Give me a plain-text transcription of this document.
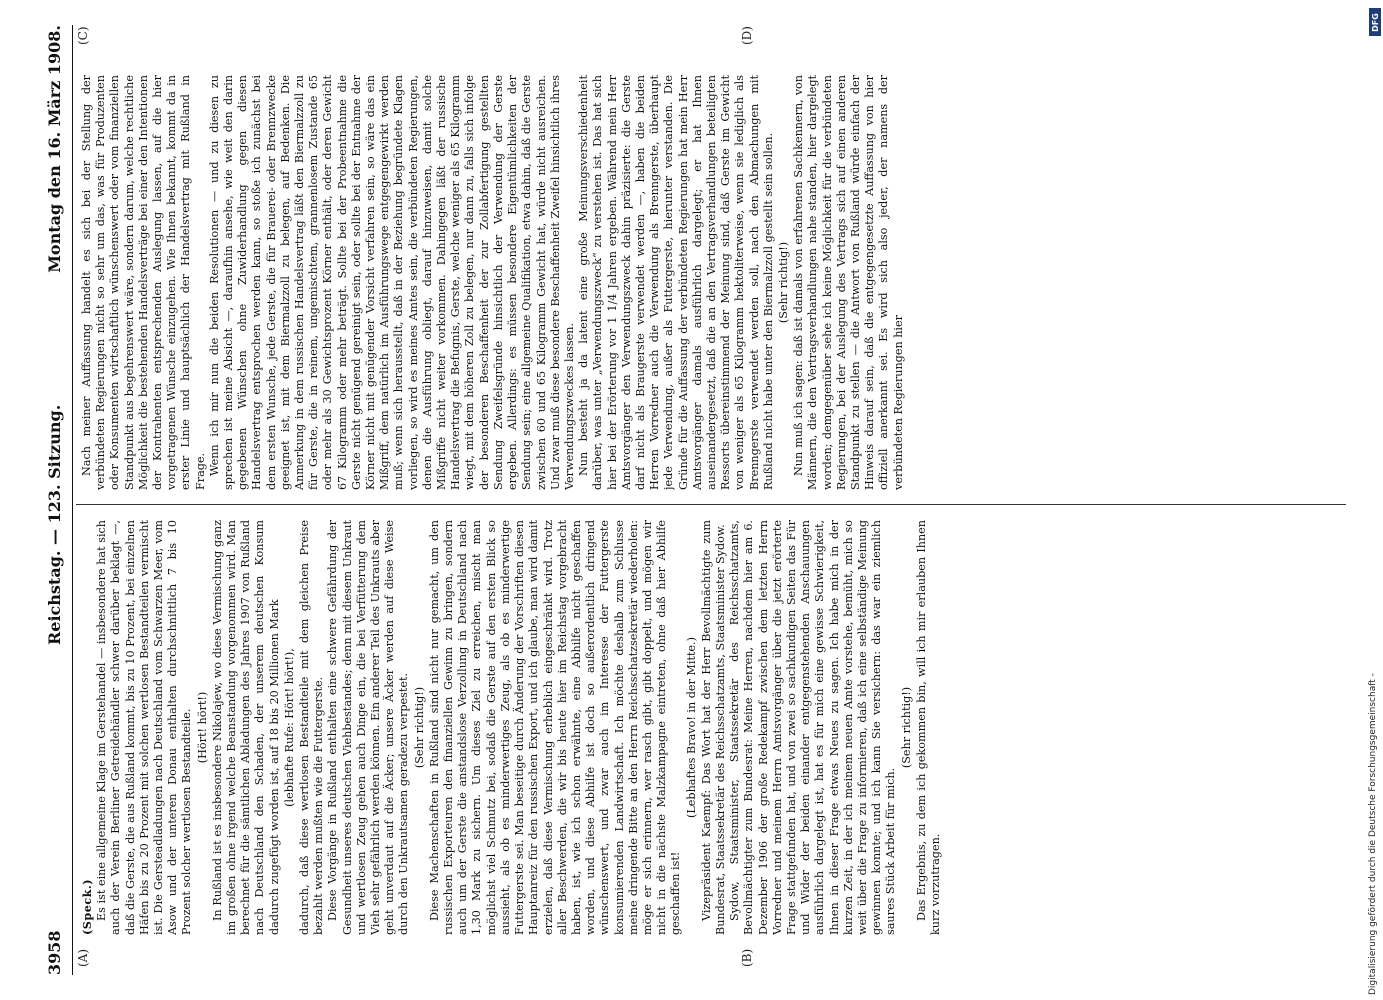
3958
Reichstag. — 123. Sitzung.
Montag den 16. März 1908.
(A)	(B)
(C)	(D)

(Speck.) Es ist eine allgemeine Klage im Gerstehandel — insbesondere hat sich auch der Verein Berliner Getreidehändler schwer darüber beklagt —, daß die Gerste, die aus Rußland kommt, bis zu 10 Prozent, bei einzelnen Häfen bis zu 20 Prozent mit solchen wertlosen Bestandteilen vermischt ist. Die Gersteadladungen nach Deutschland vom Schwarzen Meer, vom Asow und der unteren Donau enthalten durchschnittlich 7 bis 10 Prozent solcher wertlosen Bestandteile. (Hört! hört!) In Rußland ist es insbesondere Nikolajew, wo diese Vermischung ganz im großen ohne irgend welche Beanstandung vorgenommen wird. Man berechnet für die sämtlichen Abladungen des Jahres 1907 von Rußland nach Deutschland den Schaden, der unserem deutschen Konsum dadurch zugefügt worden ist, auf 18 bis 20 Millionen Mark (lebhafte Rufe: Hört! hört!), dadurch, daß diese wertlosen Bestandteile mit dem gleichen Preise bezahlt werden mußten wie die Futtergerste. Diese Vorgänge in Rußland enthalten eine schwere Gefährdung der Gesundheit unseres deutschen Viehbestandes; denn mit diesem Unkraut und wertlosen Zeug gehen auch Dinge ein, die bei Verfütterung dem Vieh sehr gefährlich werden können. Ein anderer Teil des Unkrauts aber geht unverdaut auf die Äcker; unsere Äcker werden auf diese Weise durch den Unkrautsamen geradezu verpestet. (Sehr richtig!) Diese Machenschaften in Rußland sind nicht nur gemacht, um den russischen Exporteuren den finanziellen Gewinn zu bringen, sondern auch um der Gerste die anstandslose Verzollung in Deutschland nach 1,30 Mark zu sichern. Um dieses Ziel zu erreichen, mischt man möglichst viel Schmutz bei, sodaß die Gerste auf den ersten Blick so aussieht, als ob es minderwertiges Zeug, als ob es minderwertige Futtergerste sei. Man beseitige durch Änderung der Vorschriften diesen Hauptanreiz für den russischen Export, und ich glaube, man wird damit erzielen, daß diese Vermischung erheblich eingeschränkt wird. Trotz aller Beschwerden, die wir bis heute hier im Reichstag vorgebracht haben, ist, wie ich schon erwähnte, eine Abhilfe nicht geschaffen worden, und diese Abhilfe ist doch so außerordentlich dringend wünschenswert, und zwar auch im Interesse der Futtergerste konsumierenden Landwirtschaft. Ich möchte deshalb zum Schlusse meine dringende Bitte an den Herrn Reichsschatzsekretär wiederholen: möge er sich erinnern, wer rasch gibt, gibt doppelt, und mögen wir nicht in die nächste Malzkampagne eintreten, ohne daß hier Abhilfe geschaffen ist!

(Lebhaftes Bravo! in der Mitte.) Vizepräsident Kaempf: Das Wort hat der Herr Bevollmächtigte zum Bundesrat, Staatssekretär des Reichsschatzamts, Staatsminister Sydow. Sydow, Staatsminister, Staatssekretär des Reichsschatzamts, Bevollmächtigter zum Bundesrat: Meine Herren, nachdem hier am 6. Dezember 1906 der große Redekampf zwischen dem letzten Herrn Vorredner und meinem Herrn Amtsvorgänger über die jetzt erörterte Frage stattgefunden hat, und von zwei so sachkundigen Seiten das Für und Wider der beiden einander entgegenstehenden Anschauungen ausführlich dargelegt ist, hat es für mich eine gewisse Schwierigkeit, Ihnen in dieser Frage etwas Neues zu sagen. Ich habe mich in der kurzen Zeit, in der ich meinem neuen Amte vorstehe, bemüht, mich so weit über die Frage zu informieren, daß ich eine selbständige Meinung gewinnen konnte; und ich kann Sie versichern: das war ein ziemlich saures Stück Arbeit für mich.

(Sehr richtig!) Das Ergebnis, zu dem ich gekommen bin, will ich mir erlauben Ihnen kurz vorzutragen.

Nach meiner Auffassung handelt es sich bei der Stellung der verbündeten Regierungen nicht so sehr um das, was für Produzenten oder Konsumenten wirtschaftlich wünschenswert oder vom finanziellen Standpunkt aus begehrenswert wäre, sondern darum, welche rechtliche Möglichkeit die bestehenden Handelsverträge bei einer den Intentionen der Kontrahenten entsprechenden Auslegung lassen, auf die hier vorgetragenen Wünsche einzugehen. Wie Ihnen bekannt, kommt da in erster Linie und hauptsächlich der Handelsvertrag mit Rußland in Frage. Wenn ich mir nun die beiden Resolutionen — und zu diesen zu sprechen ist meine Absicht —, daraufhin ansehe, wie weit den darin gegebenen Wünschen ohne Zuwiderhandlung gegen diesen Handelsvertrag entsprochen werden kann, so stoße ich zunächst bei dem ersten Wunsche, jede Gerste, die für Brauerei- oder Brennzwecke geeignet ist, mit dem Biermalzzoll zu belegen, auf Bedenken. Die Anmerkung in dem russischen Handelsvertrag läßt den Biermalzzoll zu für Gerste, die in reinem, ungemischtem, grannenlosem Zustande 65 oder mehr als 30 Gewichtsprozent Körner enthält, oder deren Gewicht 67 Kilogramm oder mehr beträgt. Sollte bei der Probeentnahme die Gerste nicht genügend gereinigt sein, oder sollte bei der Entnahme der Körner nicht mit genügender Vorsicht verfahren sein, so wäre das ein Mißgriff, dem natürlich im Ausführungswege entgegengewirkt werden muß; wenn sich herausstellt, daß in der Beziehung begründete Klagen vorliegen, so wird es meines Amtes sein, die verbündeten Regierungen, denen die Ausführung obliegt, darauf hinzuweisen, damit solche Mißgriffe nicht weiter vorkommen. Dahingegen läßt der russische Handelsvertrag die Befugnis, Gerste, welche weniger als 65 Kilogramm wiegt, mit dem höheren Zoll zu belegen, nur dann zu, falls sich infolge der besonderen Beschaffenheit der zur Zollabfertigung gestellten Sendung Zweifelsgründe hinsichtlich der Verwendung der Gerste ergeben. Allerdings: es müssen besondere Eigentümlichkeiten der Sendung sein; eine allgemeine Qualifikation, etwa dahin, daß die Gerste zwischen 60 und 65 Kilogramm Gewicht hat, würde nicht ausreichen. Und zwar muß diese besondere Beschaffenheit Zweifel hinsichtlich ihres Verwendungszweckes lassen. Nun besteht ja da latent eine große Meinungsverschiedenheit darüber, was unter „Verwendungszweck“ zu verstehen ist. Das hat sich hier bei der Erörterung vor 1 1/4 Jahren ergeben. Während mein Herr Amtsvorgänger den Verwendungszweck dahin präzisierte: die Gerste darf nicht als Braugerste verwendet werden —, haben die beiden Herren Vorredner auch die Verwendung als Brenngerste, überhaupt jede Verwendung, außer als Futtergerste, hierunter verstanden. Die Gründe für die Auffassung der verbündeten Regierungen hat mein Herr Amtsvorgänger damals ausführlich dargelegt; er hat Ihnen auseinandergesetzt, daß die an den Vertragsverhandlungen beteiligten Ressorts übereinstimmend der Meinung sind, daß Gerste im Gewicht von weniger als 65 Kilogramm hektoliterweise, wenn sie lediglich als Brenngerste verwendet werden soll, nach den Abmachungen mit Rußland nicht habe unter den Biermalzzoll gestellt sein sollen. (Sehr richtig!) Nun muß ich sagen: daß ist damals von erfahrenen Sachkennern, von Männern, die den Vertragsverhandlungen nahe standen, hier dargelegt worden; demgegenüber sehe ich keine Möglichkeit für die verbündeten Regierungen, bei der Auslegung des Vertrags sich auf einen anderen Standpunkt zu stellen — die Antwort von Rußland würde einfach der Hinweis darauf sein, daß die entgegengesetzte Auffassung von hier offiziell anerkannt sei. Es wird sich also jeder, der namens der verbündeten Regierungen hier

DFG
Digitalisierung gefördert durch die Deutsche Forschungsgemeinschaft -
